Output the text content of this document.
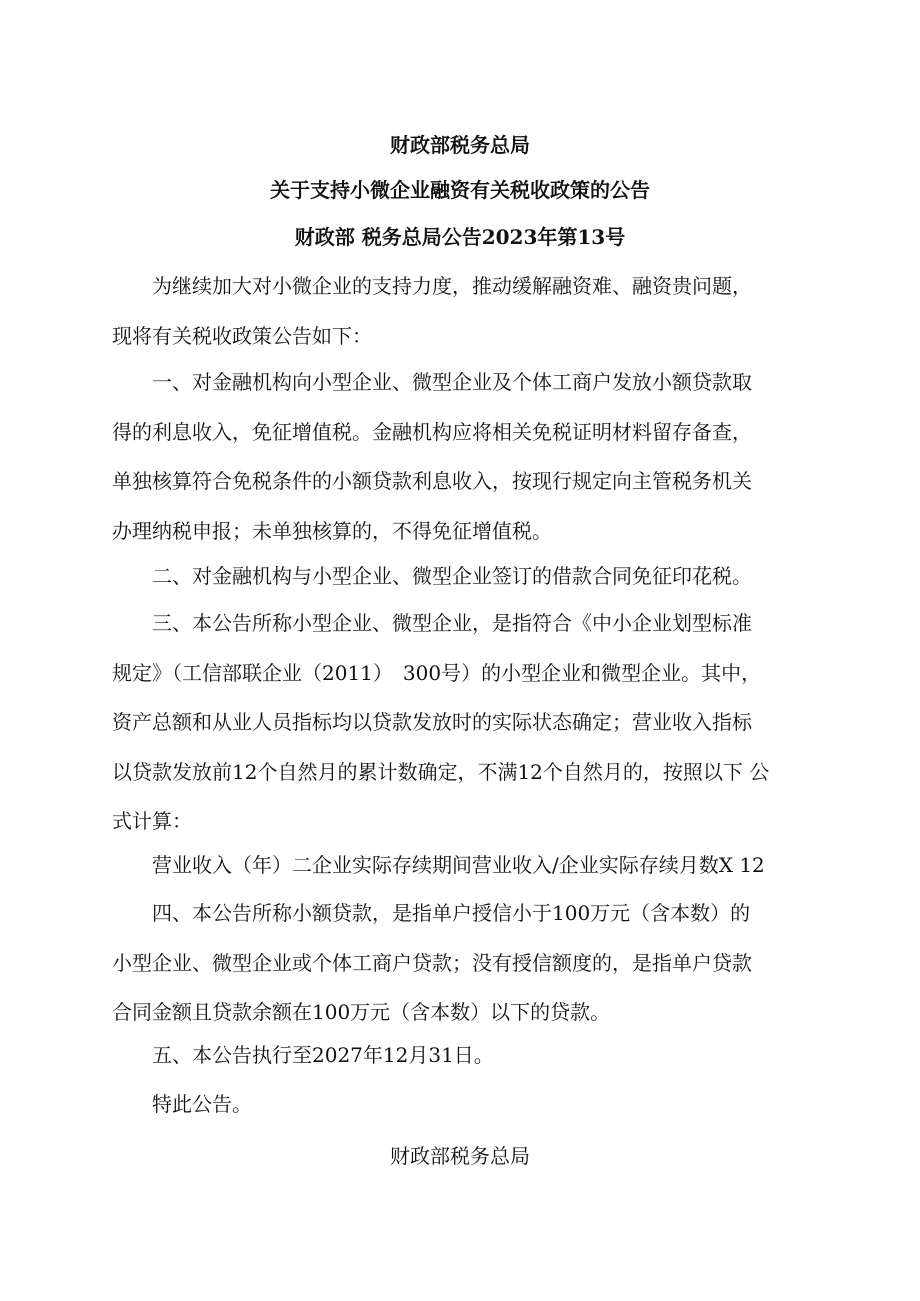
财政部税务总局
关于支持小微企业融资有关税收政策的公告
财政部 税务总局公告2023年第13号
为继续加大对小微企业的支持力度，推动缓解融资难、融资贵问题，
现将有关税收政策公告如下：
一、对金融机构向小型企业、微型企业及个体工商户发放小额贷款取
得的利息收入，免征增值税。金融机构应将相关免税证明材料留存备查，
单独核算符合免税条件的小额贷款利息收入，按现行规定向主管税务机关
办理纳税申报；未单独核算的，不得免征增值税。
二、对金融机构与小型企业、微型企业签订的借款合同免征印花税。
三、本公告所称小型企业、微型企业，是指符合《中小企业划型标准
规定》（工信部联企业（2011）　300号）的小型企业和微型企业。其中，
资产总额和从业人员指标均以贷款发放时的实际状态确定；营业收入指标
以贷款发放前12个自然月的累计数确定，不满12个自然月的，按照以下 公
式计算：
营业收入（年）二企业实际存续期间营业收入/企业实际存续月数X 12
四、本公告所称小额贷款，是指单户授信小于100万元（含本数）的
小型企业、微型企业或个体工商户贷款；没有授信额度的，是指单户贷款
合同金额且贷款余额在100万元（含本数）以下的贷款。
五、本公告执行至2027年12月31日。
特此公告。
财政部税务总局
